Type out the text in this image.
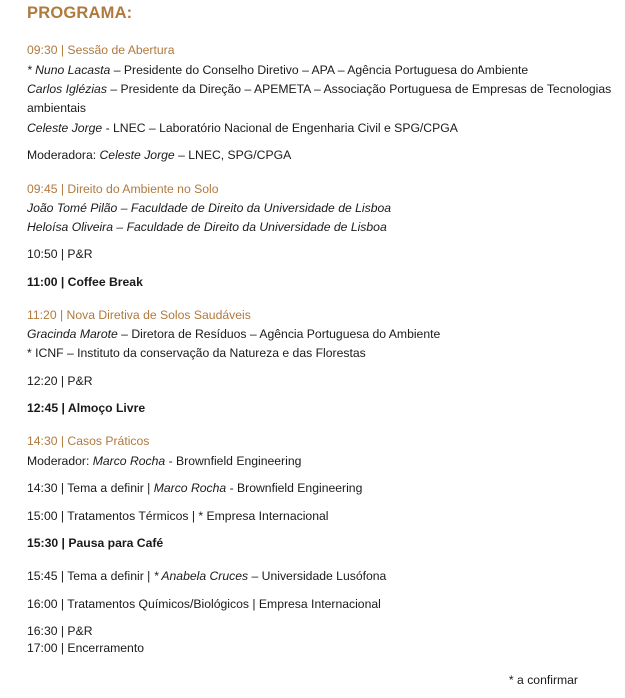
PROGRAMA:
09:30 | Sessão de Abertura
* Nuno Lacasta – Presidente do Conselho Diretivo – APA – Agência Portuguesa do Ambiente
Carlos Iglézias – Presidente da Direção – APEMETA – Associação Portuguesa de Empresas de Tecnologias
ambientais
Celeste Jorge - LNEC – Laboratório Nacional de Engenharia Civil e SPG/CPGA
Moderadora: Celeste Jorge – LNEC, SPG/CPGA
09:45 | Direito do Ambiente no Solo
João Tomé Pilão – Faculdade de Direito da Universidade de Lisboa
Heloísa Oliveira – Faculdade de Direito da Universidade de Lisboa
10:50 | P&R
11:00 | Coffee Break
11:20 | Nova Diretiva de Solos Saudáveis
Gracinda Marote – Diretora de Resíduos – Agência Portuguesa do Ambiente
* ICNF – Instituto da conservação da Natureza e das Florestas
12:20 | P&R
12:45 | Almoço Livre
14:30 | Casos Práticos
Moderador: Marco Rocha - Brownfield Engineering
14:30 | Tema a definir | Marco Rocha - Brownfield Engineering
15:00 | Tratamentos Térmicos | * Empresa Internacional
15:30 | Pausa para Café
15:45 | Tema a definir | * Anabela Cruces – Universidade Lusófona
16:00 | Tratamentos Químicos/Biológicos | Empresa Internacional
16:30 | P&R
17:00 | Encerramento
* a confirmar
